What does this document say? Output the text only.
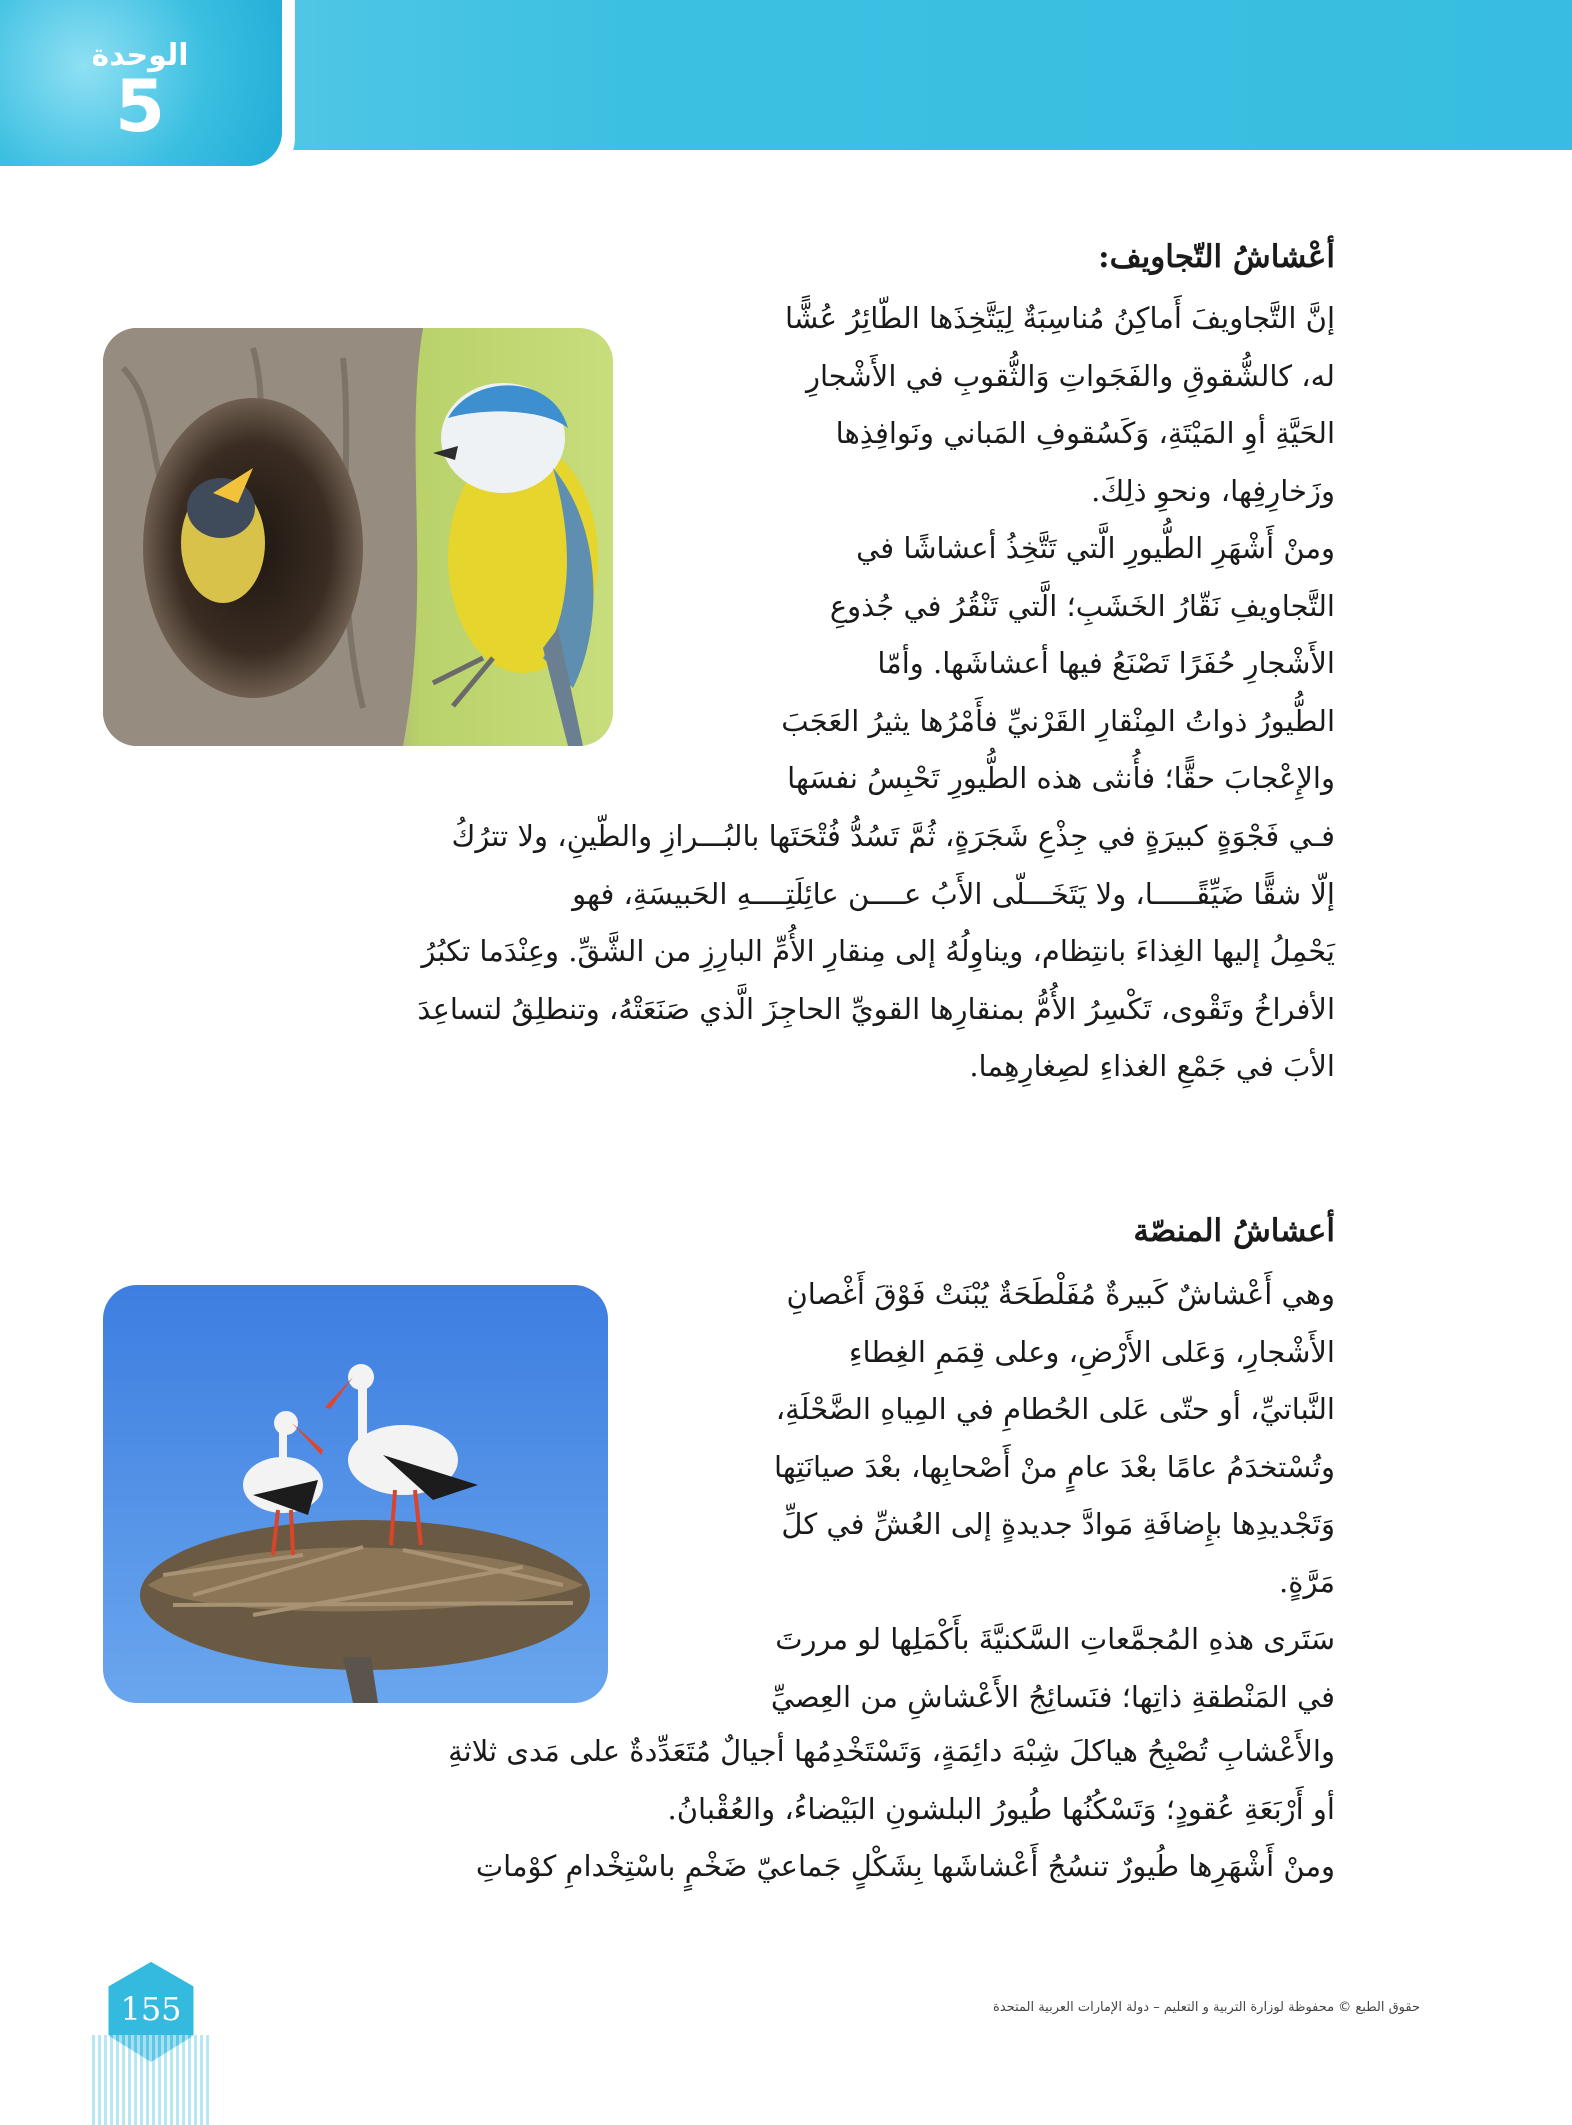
الوحدة
5
أعْشاشُ التّجاويف:

إنَّ التَّجاويفَ أَماكِنُ مُناسِبَةٌ لِيَتَّخِذَها الطّائِرُ عُشًّا

له، كالشُّقوقِ والفَجَواتِ وَالثُّقوبِ في الأَشْجارِ

الحَيَّةِ أوِ المَيْتَةِ، وَكَسُقوفِ المَباني ونَوافِذِها

وزَخارِفِها، ونحوِ ذلِكَ.

ومنْ أَشْهَرِ الطُّيورِ الَّتي تَتَّخِذُ أعشاشًا في

التَّجاويفِ نَقّارُ الخَشَبِ؛ الَّتي تَنْقُرُ في جُذوعِ

الأَشْجارِ حُفَرًا تَصْنَعُ فيها أعشاشَها. وأمّا

الطُّيورُ ذواتُ المِنْقارِ القَرْنيِّ فأَمْرُها يثيرُ العَجَبَ

والإِعْجابَ حقًّا؛ فأُنثى هذه الطُّيورِ تَحْبِسُ نفسَها

فـي فَجْوَةٍ كبيرَةٍ في جِذْعِ شَجَرَةٍ، ثُمَّ تَسُدُّ فُتْحَتَها بالبُـــرازِ والطّينِ، ولا تترُكُ

إلّا شقًّا ضَيِّقًـــــا، ولا يَتَخَـــلّى الأَبُ عــــن عائِلَتِــــهِ الحَبيسَةِ، فهو

يَحْمِلُ إليها الغِذاءَ بانتِظام، ويناوِلُهُ إلى مِنقارِ الأُمِّ البارِزِ من الشَّقِّ. وعِنْدَما تكبُرُ

الأفراخُ وتَقْوى، تَكْسِرُ الأُمُّ بمنقارِها القويِّ الحاجِزَ الَّذي صَنَعَتْهُ، وتنطلِقُ لتساعِدَ

الأبَ في جَمْعِ الغذاءِ لصِغارِهِما.

أعشاشُ المنصّة

وهي أَعْشاشٌ كَبيرةٌ مُفَلْطَحَةٌ يُبْنَتْ فَوْقَ أَغْصانِ

الأَشْجارِ، وَعَلى الأَرْضِ، وعلى قِمَمِ الغِطاءِ

النَّباتيِّ، أو حتّى عَلى الحُطامِ في المِياهِ الضَّحْلَةِ،

وتُسْتخدَمُ عامًا بعْدَ عامٍ منْ أَصْحابِها، بعْدَ صيانَتِها

وَتَجْديدِها بإِضافَةِ مَوادَّ جديدةٍ إلى العُشِّ في كلِّ

مَرَّةٍ.

سَتَرى هذهِ المُجمَّعاتِ السَّكنيَّةَ بأَكْمَلِها لو مررتَ

في المَنْطقةِ ذاتِها؛ فنَسائِجُ الأَعْشاشِ من العِصيِّ

والأَعْشابِ تُصْبِحُ هياكلَ شِبْهَ دائِمَةٍ، وَتَسْتَخْدِمُها أجيالٌ مُتَعَدِّدةٌ على مَدى ثلاثةِ

أو أَرْبَعَةِ عُقودٍ؛ وَتَسْكُنُها طُيورُ البلشونِ البَيْضاءُ، والعُقْبانُ.

ومنْ أَشْهَرِها طُيورٌ تنسُجُ أَعْشاشَها بِشَكْلٍ جَماعيّ ضَخْمٍ باسْتِخْدامِ كوْماتِ

155	حقوق الطبع © محفوظة لوزارة التربية و التعليم – دولة الإمارات العربية المتحدة
